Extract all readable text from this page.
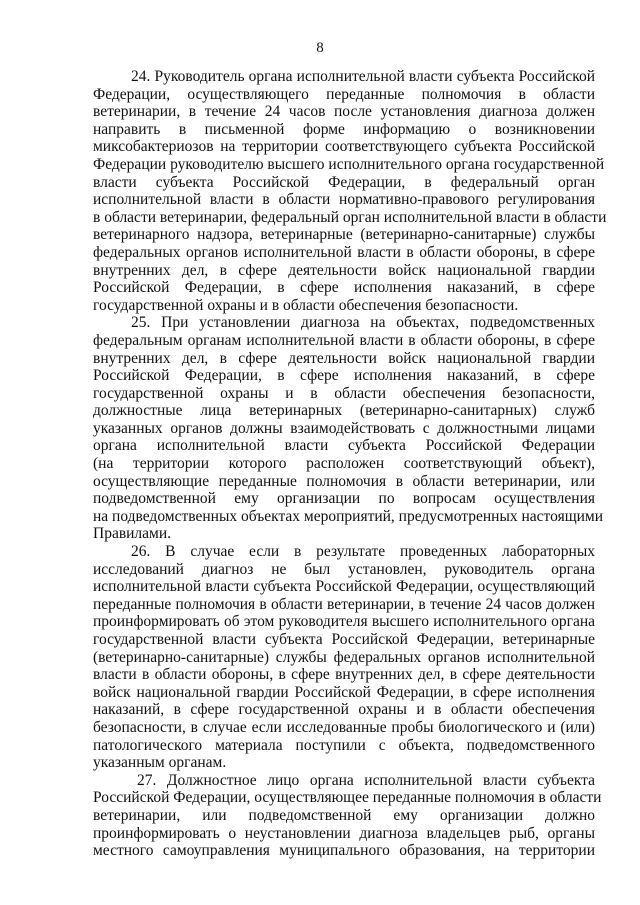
8
24. Руководитель органа исполнительной власти субъекта Российской
Федерации, осуществляющего переданные полномочия в области
ветеринарии, в течение 24 часов после установления диагноза должен
направить в письменной форме информацию о возникновении
миксобактериозов на территории соответствующего субъекта Российской
Федерации руководителю высшего исполнительного органа государственной
власти субъекта Российской Федерации, в федеральный орган
исполнительной власти в области нормативно-правового регулирования
в области ветеринарии, федеральный орган исполнительной власти в области
ветеринарного надзора, ветеринарные (ветеринарно-санитарные) службы
федеральных органов исполнительной власти в области обороны, в сфере
внутренних дел, в сфере деятельности войск национальной гвардии
Российской Федерации, в сфере исполнения наказаний, в сфере
государственной охраны и в области обеспечения безопасности.
25. При установлении диагноза на объектах, подведомственных
федеральным органам исполнительной власти в области обороны, в сфере
внутренних дел, в сфере деятельности войск национальной гвардии
Российской Федерации, в сфере исполнения наказаний, в сфере
государственной охраны и в области обеспечения безопасности,
должностные лица ветеринарных (ветеринарно-санитарных) служб
указанных органов должны взаимодействовать с должностными лицами
органа исполнительной власти субъекта Российской Федерации
(на территории которого расположен соответствующий объект),
осуществляющие переданные полномочия в области ветеринарии, или
подведомственной ему организации по вопросам осуществления
на подведомственных объектах мероприятий, предусмотренных настоящими
Правилами.
26. В случае если в результате проведенных лабораторных
исследований диагноз не был установлен, руководитель органа
исполнительной власти субъекта Российской Федерации, осуществляющий
переданные полномочия в области ветеринарии, в течение 24 часов должен
проинформировать об этом руководителя высшего исполнительного органа
государственной власти субъекта Российской Федерации, ветеринарные
(ветеринарно-санитарные) службы федеральных органов исполнительной
власти в области обороны, в сфере внутренних дел, в сфере деятельности
войск национальной гвардии Российской Федерации, в сфере исполнения
наказаний, в сфере государственной охраны и в области обеспечения
безопасности, в случае если исследованные пробы биологического и (или)
патологического материала поступили с объекта, подведомственного
указанным органам.
27. Должностное лицо органа исполнительной власти субъекта
Российской Федерации, осуществляющее переданные полномочия в области
ветеринарии, или подведомственной ему организации должно
проинформировать о неустановлении диагноза владельцев рыб, органы
местного самоуправления муниципального образования, на территории
